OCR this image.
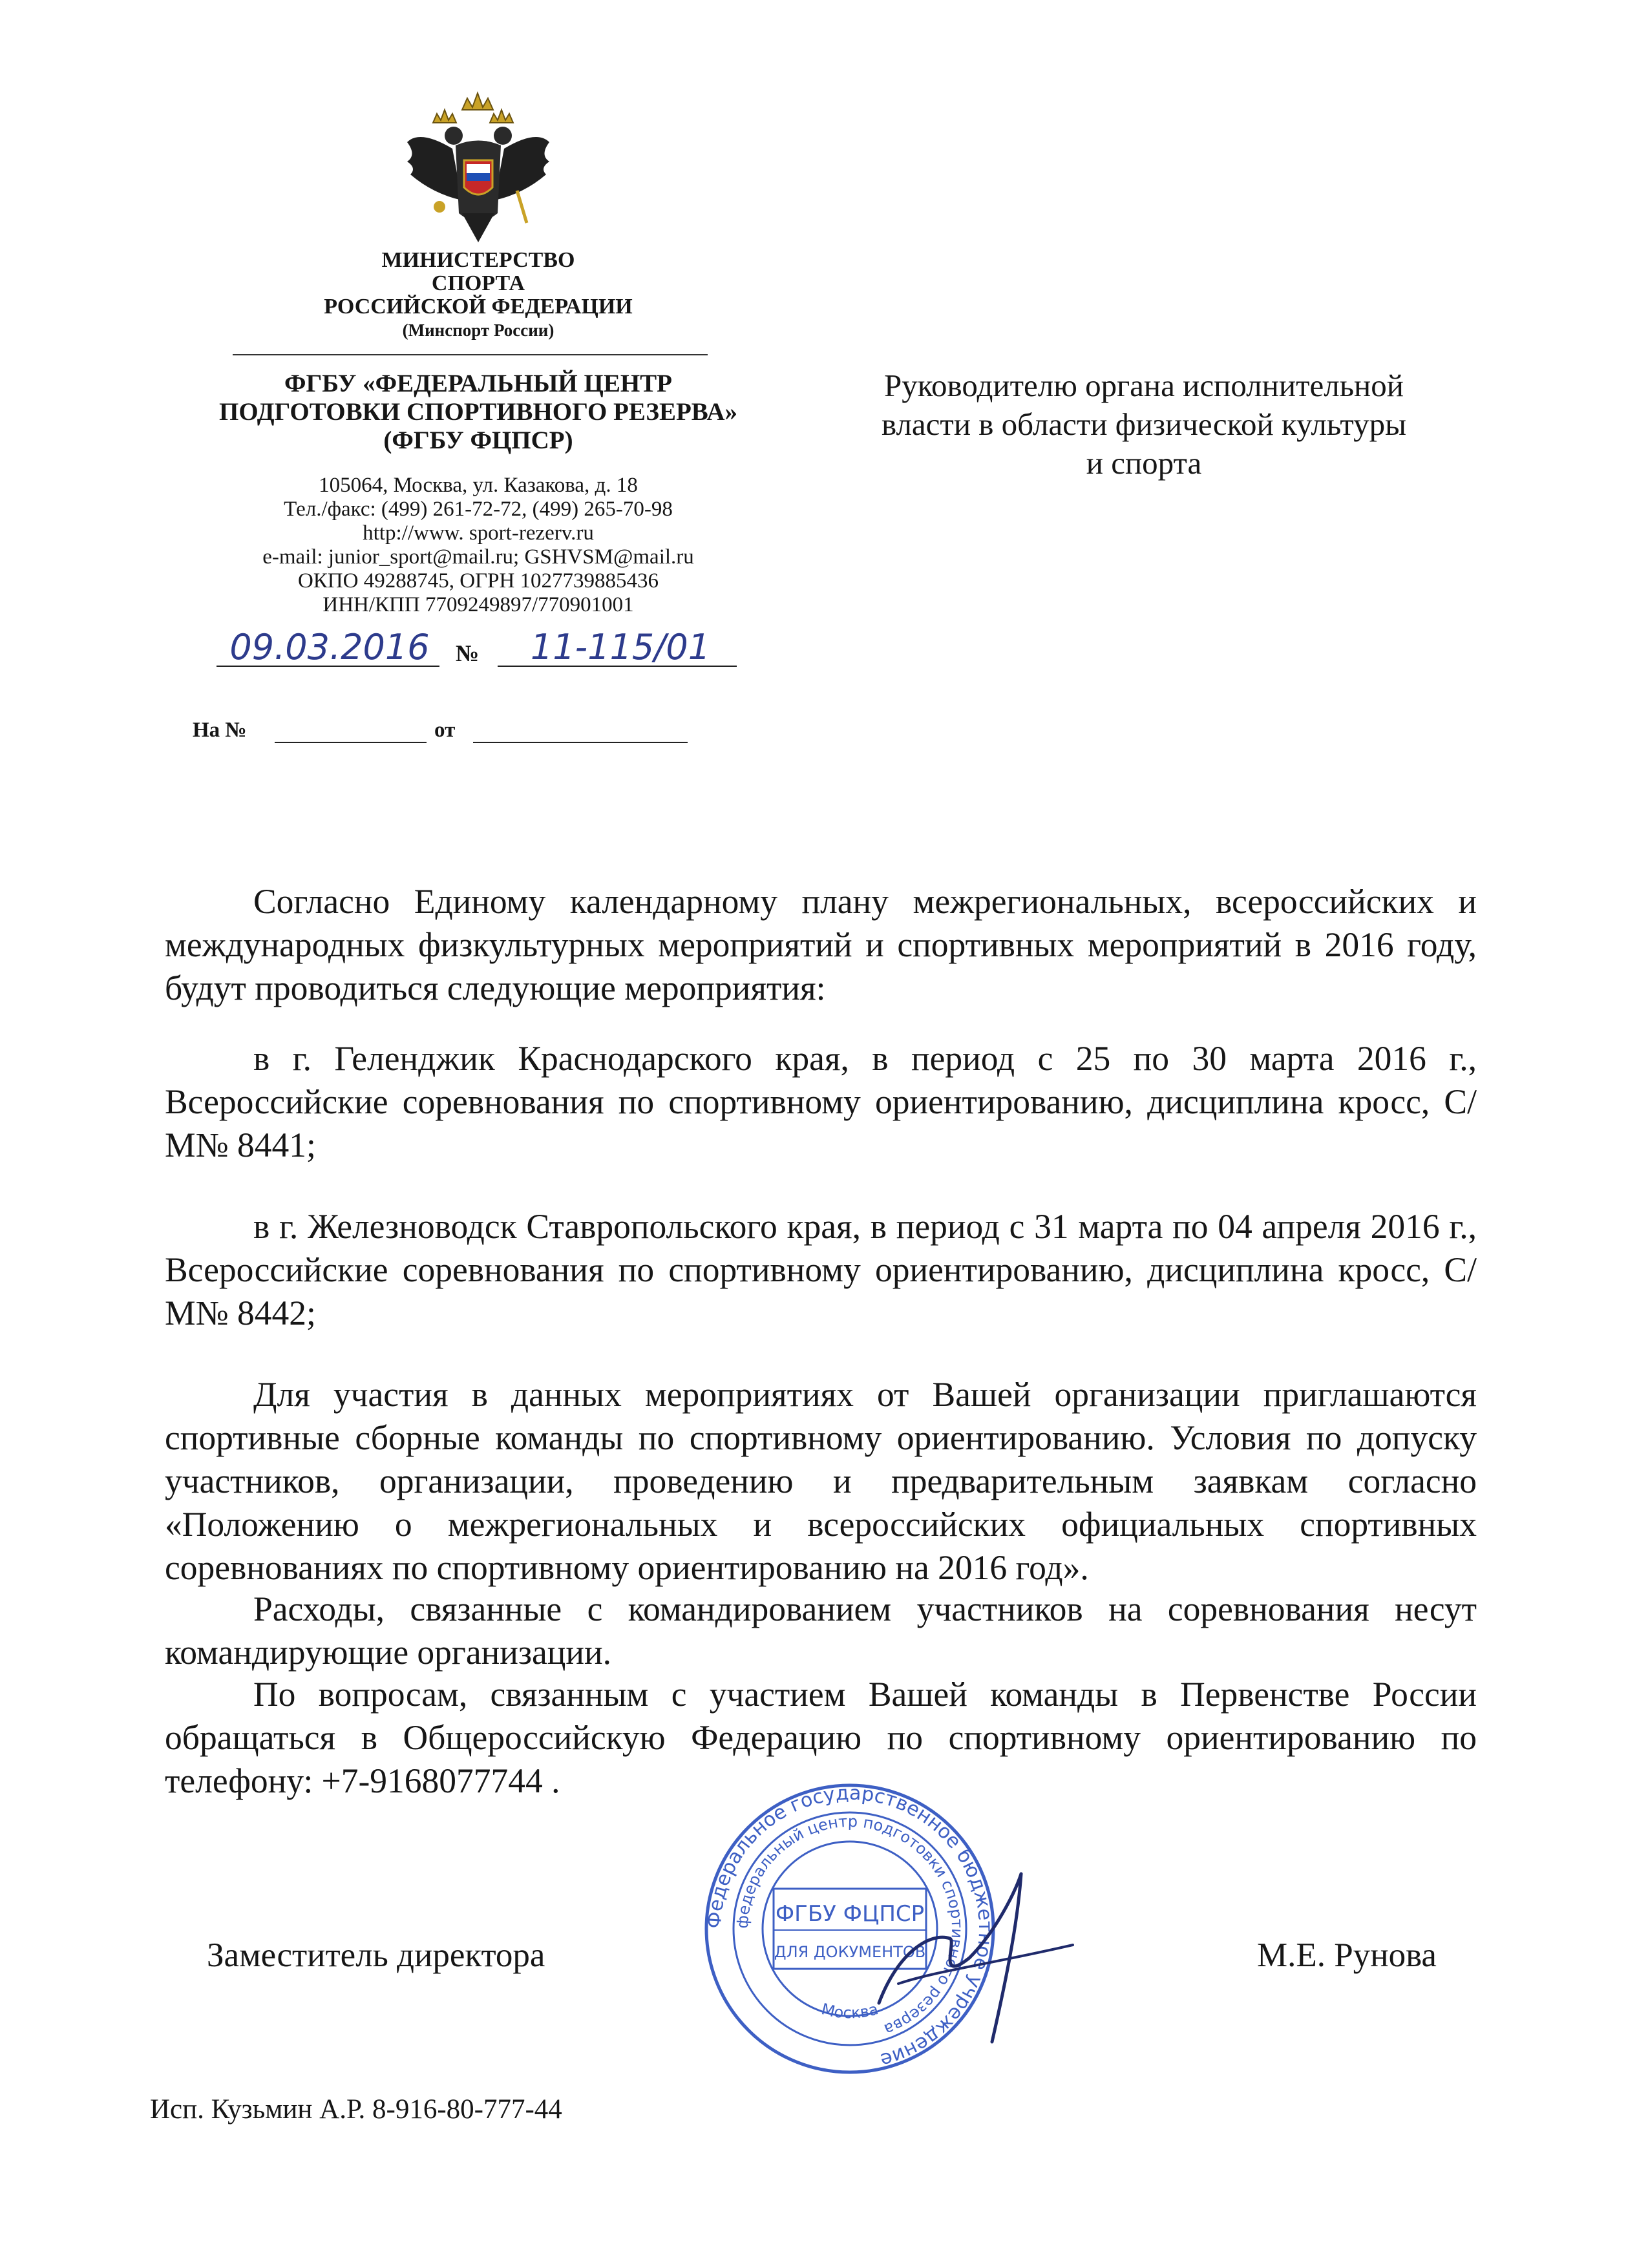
МИНИСТЕРСТВО
СПОРТА
РОССИЙСКОЙ ФЕДЕРАЦИИ
(Минспорт России)
ФГБУ «ФЕДЕРАЛЬНЫЙ ЦЕНТР
ПОДГОТОВКИ СПОРТИВНОГО РЕЗЕРВА»
(ФГБУ ФЦПСР)
105064, Москва, ул. Казакова, д. 18
Тел./факс: (499) 261-72-72, (499) 265-70-98
http://www. sport-rezerv.ru
e-mail: junior_sport@mail.ru; GSHVSM@mail.ru
ОКПО 49288745, ОГРН 1027739885436
ИНН/КПП 7709249897/770901001
09.03.2016	№	11-115/01
На №	от
Руководителю органа исполнительной
власти в области физической культуры
и спорта
Согласно Единому календарному плану межрегиональных, всероссийских и международных физкультурных мероприятий и спортивных мероприятий в 2016 году, будут проводиться следующие мероприятия:
в г. Геленджик Краснодарского края, в период с 25 по 30 марта 2016 г., Всероссийские соревнования по спортивному ориентированию, дисциплина кросс, С/М№ 8441;
в г. Железноводск Ставропольского края, в период с 31 марта по 04 апреля 2016 г., Всероссийские соревнования по спортивному ориентированию, дисциплина кросс, С/М№ 8442;
Для участия в данных мероприятиях от Вашей организации приглашаются спортивные сборные команды по спортивному ориентированию. Условия по допуску участников, организации, проведению и предварительным заявкам согласно «Положению о межрегиональных и всероссийских официальных спортивных соревнованиях по спортивному ориентированию на 2016 год».
Расходы, связанные с командированием участников на соревнования несут командирующие организации.
По вопросам, связанным с участием Вашей команды в Первенстве России обращаться в Общероссийскую Федерацию по спортивному ориентированию по телефону: +7-9168077744 .
Заместитель директора	М.Е. Рунова
Федеральное государственное бюджетное учреждение
федеральный центр подготовки спортивного резерва
ФГБУ ФЦПСР
ДЛЯ ДОКУМЕНТОВ
Москва
Исп. Кузьмин А.Р. 8-916-80-777-44
